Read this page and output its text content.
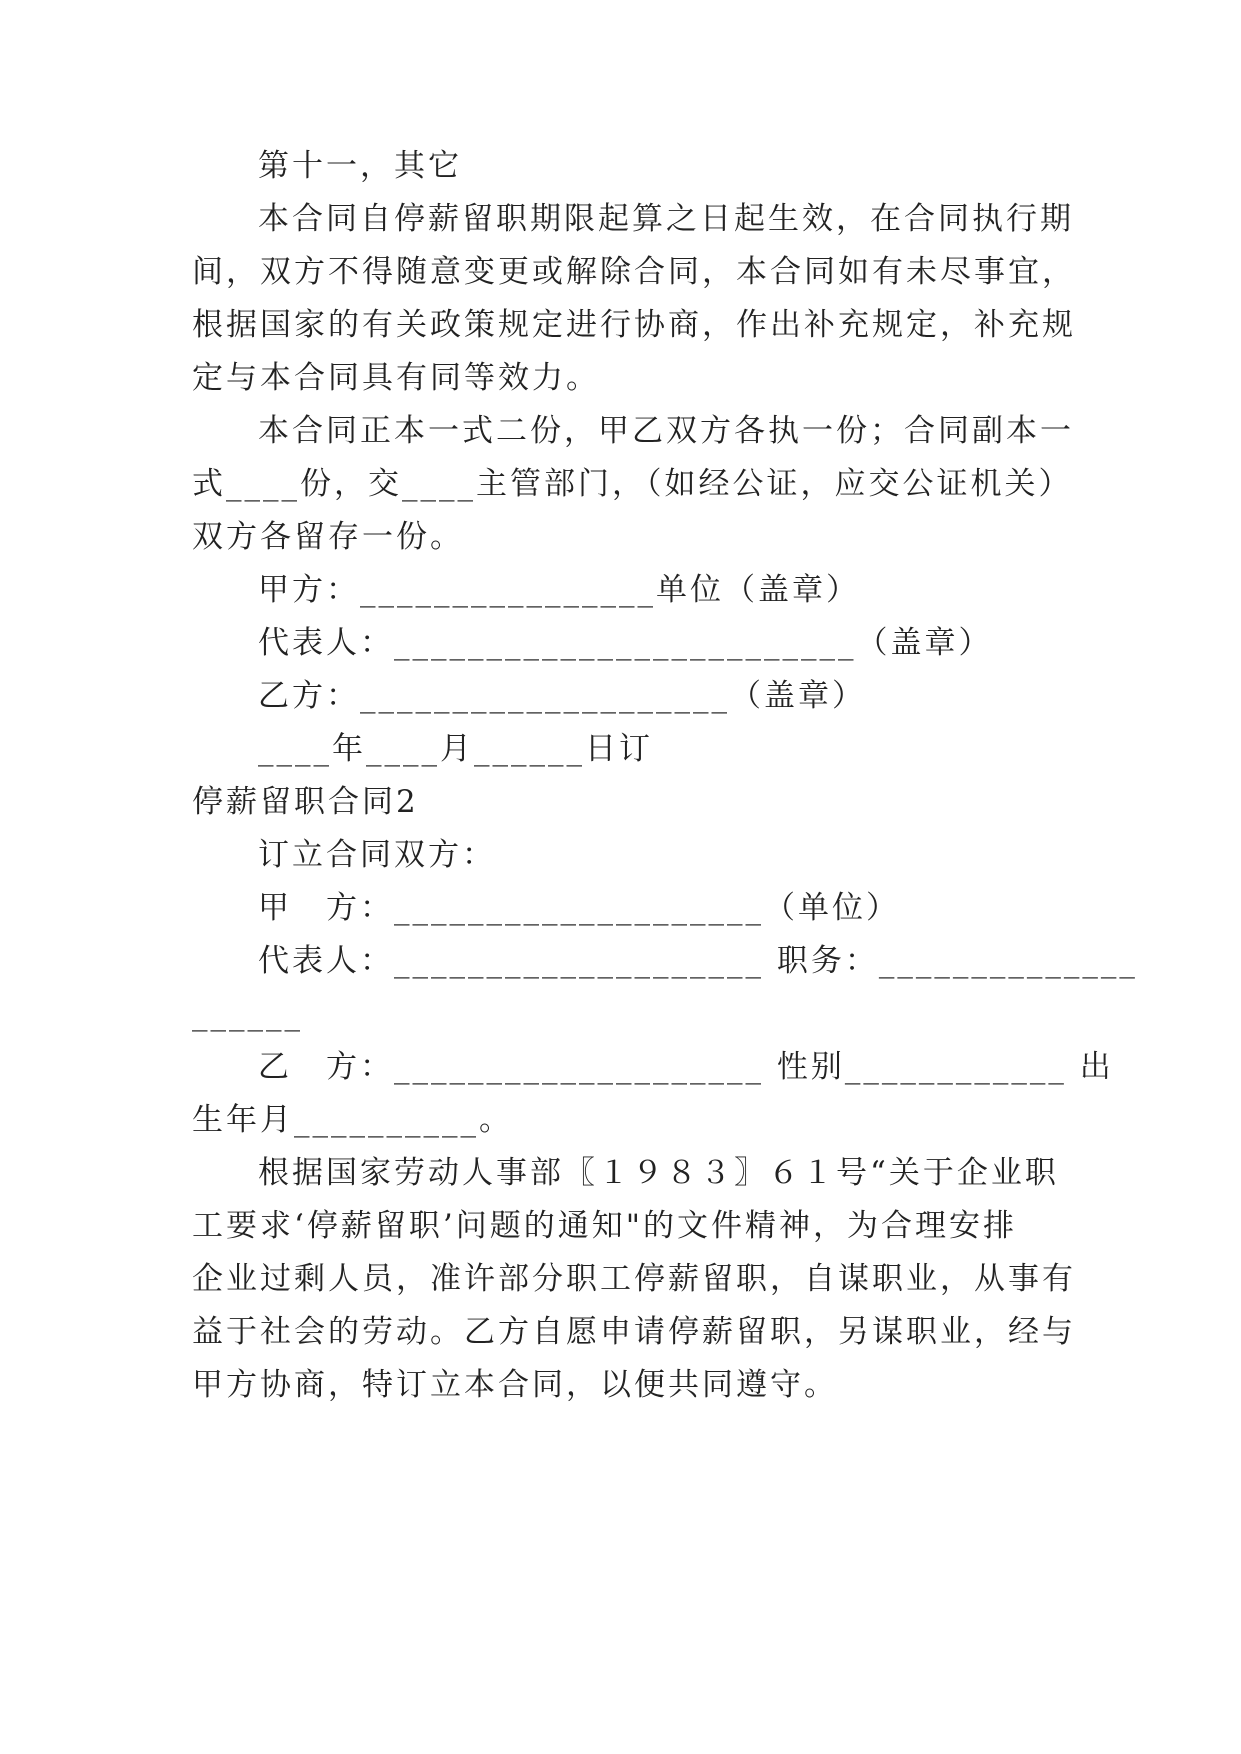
第十一，其它
本合同自停薪留职期限起算之日起生效，在合同执行期
间，双方不得随意变更或解除合同，本合同如有未尽事宜，
根据国家的有关政策规定进行协商，作出补充规定，补充规
定与本合同具有同等效力。
本合同正本一式二份，甲乙双方各执一份；合同副本一
式____份，交____主管部门，（如经公证，应交公证机关）
双方各留存一份。
甲方：________________单位（盖章）
代表人：_________________________（盖章）
乙方：____________________（盖章）
____年____月______日订
停薪留职合同2
订立合同双方：
甲　方：____________________（单位）
代表人：____________________ 职务：______________
______
乙　方：____________________ 性别____________ 出
生年月__________。
根据国家劳动人事部〖１９８３〗６１号“关于企业职
工要求‘停薪留职’问题的通知"的文件精神，为合理安排
企业过剩人员，准许部分职工停薪留职，自谋职业，从事有
益于社会的劳动。乙方自愿申请停薪留职，另谋职业，经与
甲方协商，特订立本合同，以便共同遵守。
